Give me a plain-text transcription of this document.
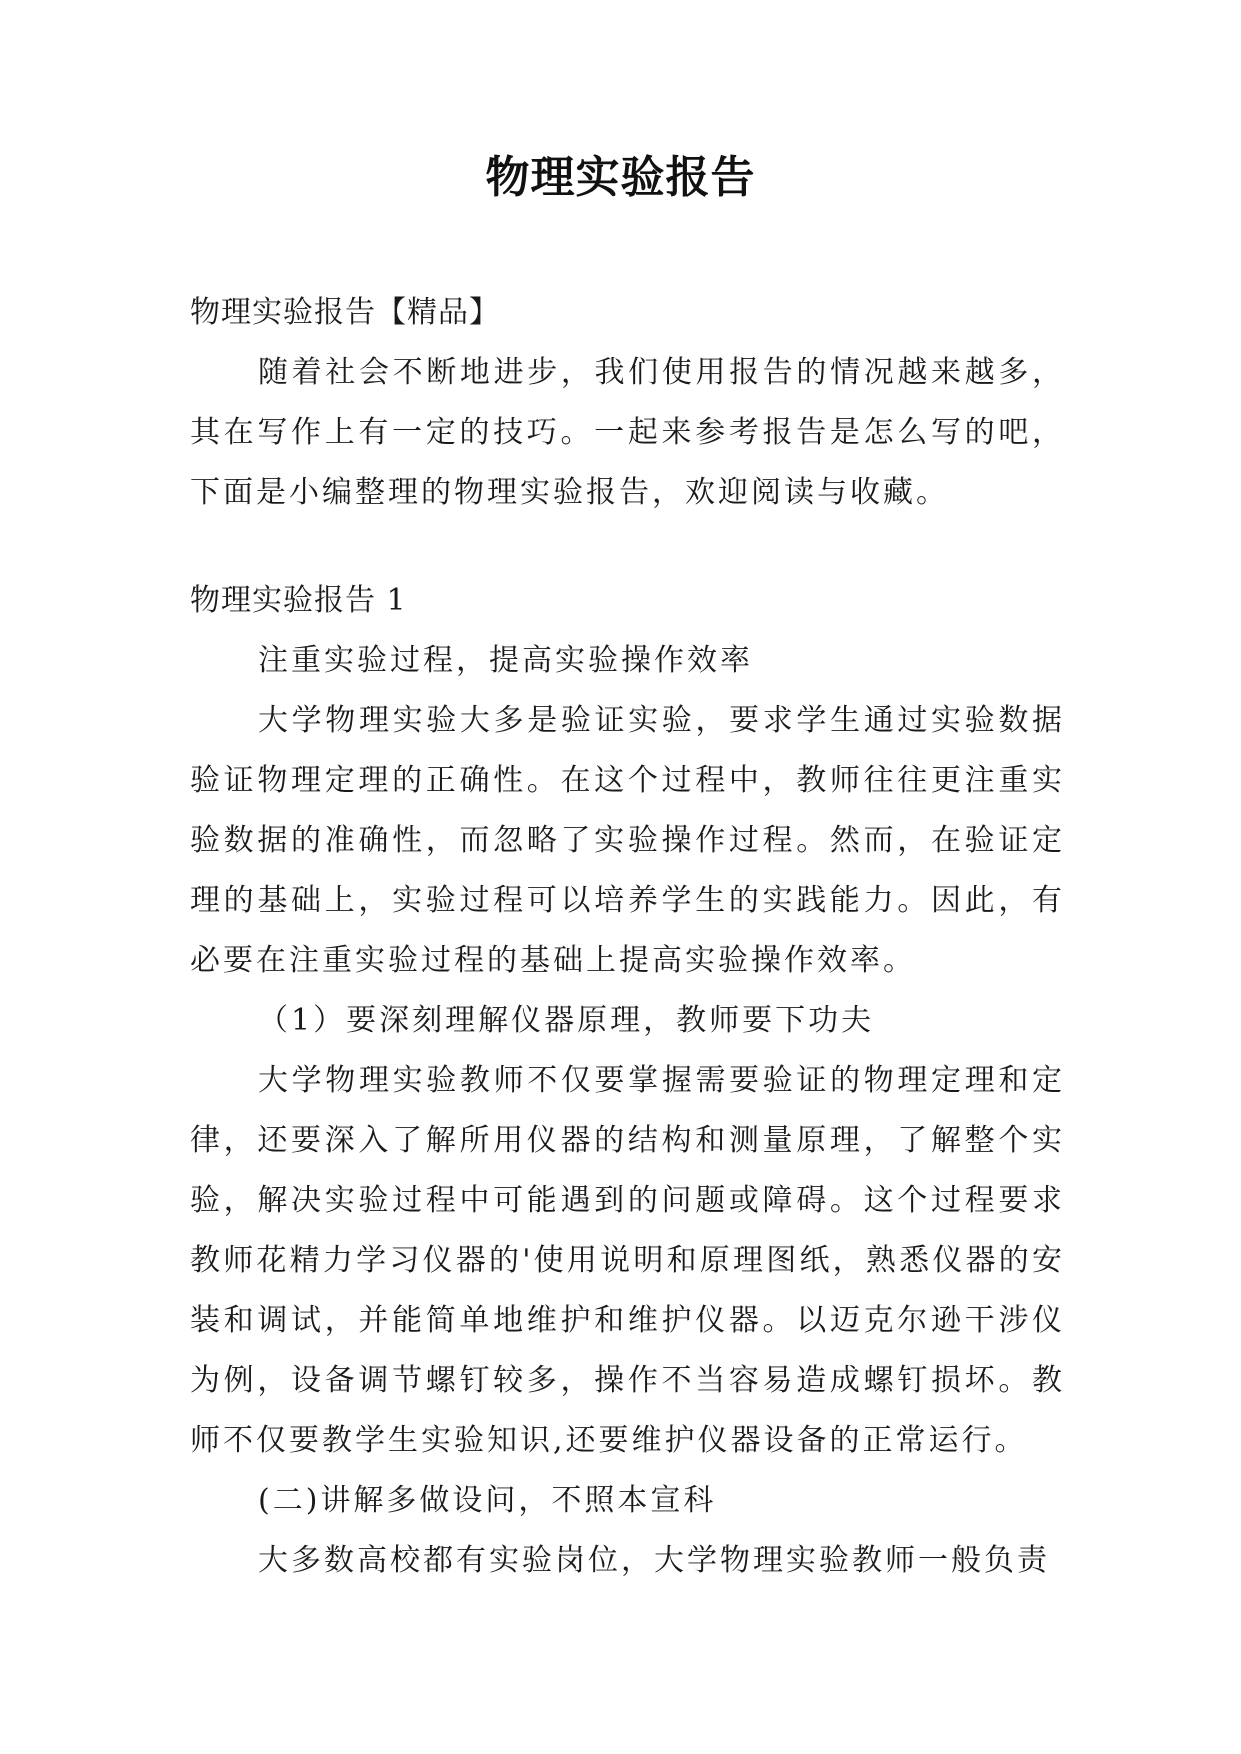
物理实验报告

物理实验报告【精品】

随着社会不断地进步，我们使用报告的情况越来越多，其在写作上有一定的技巧。一起来参考报告是怎么写的吧，下面是小编整理的物理实验报告，欢迎阅读与收藏。

物理实验报告 1

注重实验过程，提高实验操作效率

大学物理实验大多是验证实验，要求学生通过实验数据验证物理定理的正确性。在这个过程中，教师往往更注重实验数据的准确性，而忽略了实验操作过程。然而，在验证定理的基础上，实验过程可以培养学生的实践能力。因此，有必要在注重实验过程的基础上提高实验操作效率。

（1）要深刻理解仪器原理，教师要下功夫

大学物理实验教师不仅要掌握需要验证的物理定理和定律，还要深入了解所用仪器的结构和测量原理，了解整个实验，解决实验过程中可能遇到的问题或障碍。这个过程要求教师花精力学习仪器的'使用说明和原理图纸，熟悉仪器的安装和调试，并能简单地维护和维护仪器。以迈克尔逊干涉仪为例，设备调节螺钉较多，操作不当容易造成螺钉损坏。教师不仅要教学生实验知识,还要维护仪器设备的正常运行。

(二)讲解多做设问，不照本宣科

大多数高校都有实验岗位，大学物理实验教师一般负责
